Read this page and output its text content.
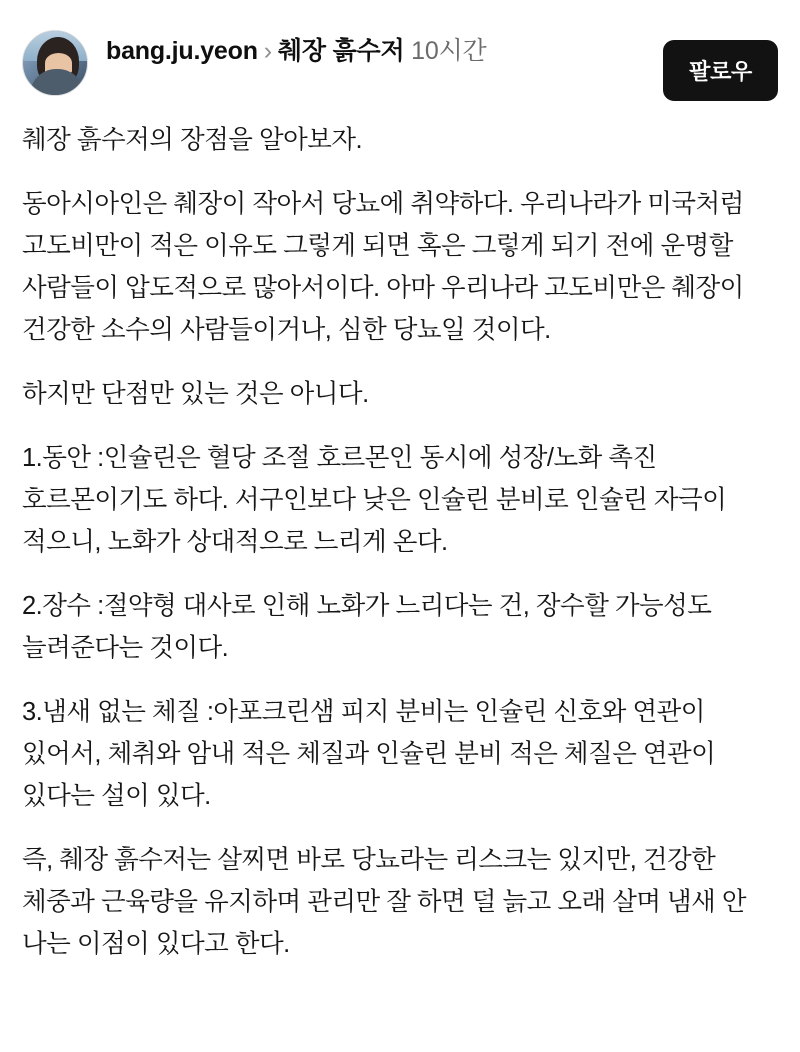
bang.ju.yeon › 췌장 흙수저 10시간
팔로우

췌장 흙수저의 장점을 알아보자.

동아시아인은 췌장이 작아서 당뇨에 취약하다. 우리나라가 미국처럼 고도비만이 적은 이유도 그렇게 되면 혹은 그렇게 되기 전에 운명할 사람들이 압도적으로 많아서이다. 아마 우리나라 고도비만은 췌장이 건강한 소수의 사람들이거나, 심한 당뇨일 것이다.

하지만 단점만 있는 것은 아니다.

1.동안 :인슐린은 혈당 조절 호르몬인 동시에 성장/노화 촉진 호르몬이기도 하다. 서구인보다 낮은 인슐린 분비로 인슐린 자극이 적으니, 노화가 상대적으로 느리게 온다.

2.장수 :절약형 대사로 인해 노화가 느리다는 건, 장수할 가능성도 늘려준다는 것이다.

3.냄새 없는 체질 :아포크린샘 피지 분비는 인슐린 신호와 연관이 있어서, 체취와 암내 적은 체질과 인슐린 분비 적은 체질은 연관이 있다는 설이 있다.

즉, 췌장 흙수저는 살찌면 바로 당뇨라는 리스크는 있지만, 건강한 체중과 근육량을 유지하며 관리만 잘 하면 덜 늙고 오래 살며 냄새 안 나는 이점이 있다고 한다.
